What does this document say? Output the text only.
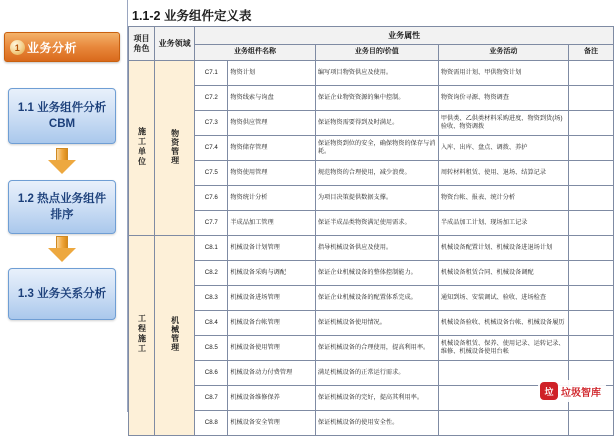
1 业务分析
1.1 业务组件分析CBM
1.2 热点业务组件排序
1.3 业务关系分析
1.1-2 业务组件定义表
项目角色	业务领域	业务属性				
		业务组件名称		业务目的/价值	业务活动	备注
施工单位	物资管理	C7.1	物资计划	编写项目物资供应及使用。	物资需用计划、甲供物资计划	
		C7.2	物资线索与询盘	保证企业物资资源的集中控制。	物资询价寻源、物资调查	
		C7.3	物资供应管理	保证物资需要得到及时满足。	甲供类、乙供类材料采购进度、物资到货(场)验收、物资调拨	
		C7.4	物资储存管理	保证物资到位的安全，确保物资的保存与消耗。	入库、出库、盘点、调拨、养护	
		C7.5	物资使用管理	规范物资的合理使用，减少浪费。	周转材料租赁、使用、退场、结算记录	
		C7.6	物资统计分析	为项目决策提供数据支撑。	物资台帐、报表、统计分析	
		C7.7	半成品加工管理	保证半成品类物资满足使用需求。	半成品加工计划、现场加工记录	
工程施工	机械管理	C8.1	机械设备计划管理	指导机械设备供应及使用。	机械设备配置计划、机械设备进退场计划	
		C8.2	机械设备采购与调配	保证企业机械设备的整体控制能力。	机械设备租赁合同、机械设备调配	
		C8.3	机械设备进场管理	保证企业机械设备的配置体系完成。	通知到场、安装调试、验收、进场检查	
		C8.4	机械设备台帐管理	保证机械设备使用情况。	机械设备验收、机械设备台帐、机械设备履历	
		C8.5	机械设备使用管理	保证机械设备的合理使用，提高利用率。	机械设备租赁、保养、使用记录、运转记录、维修、机械设备使用台帐	
		C8.6	机械设备动力付费管理	满足机械设备的正常运行需求。		
		C8.7	机械设备维修保养	保证机械设备的完好，提高其利用率。		
		C8.8	机械设备安全管理	保证机械设备的使用安全性。		
垃 垃圾智库
